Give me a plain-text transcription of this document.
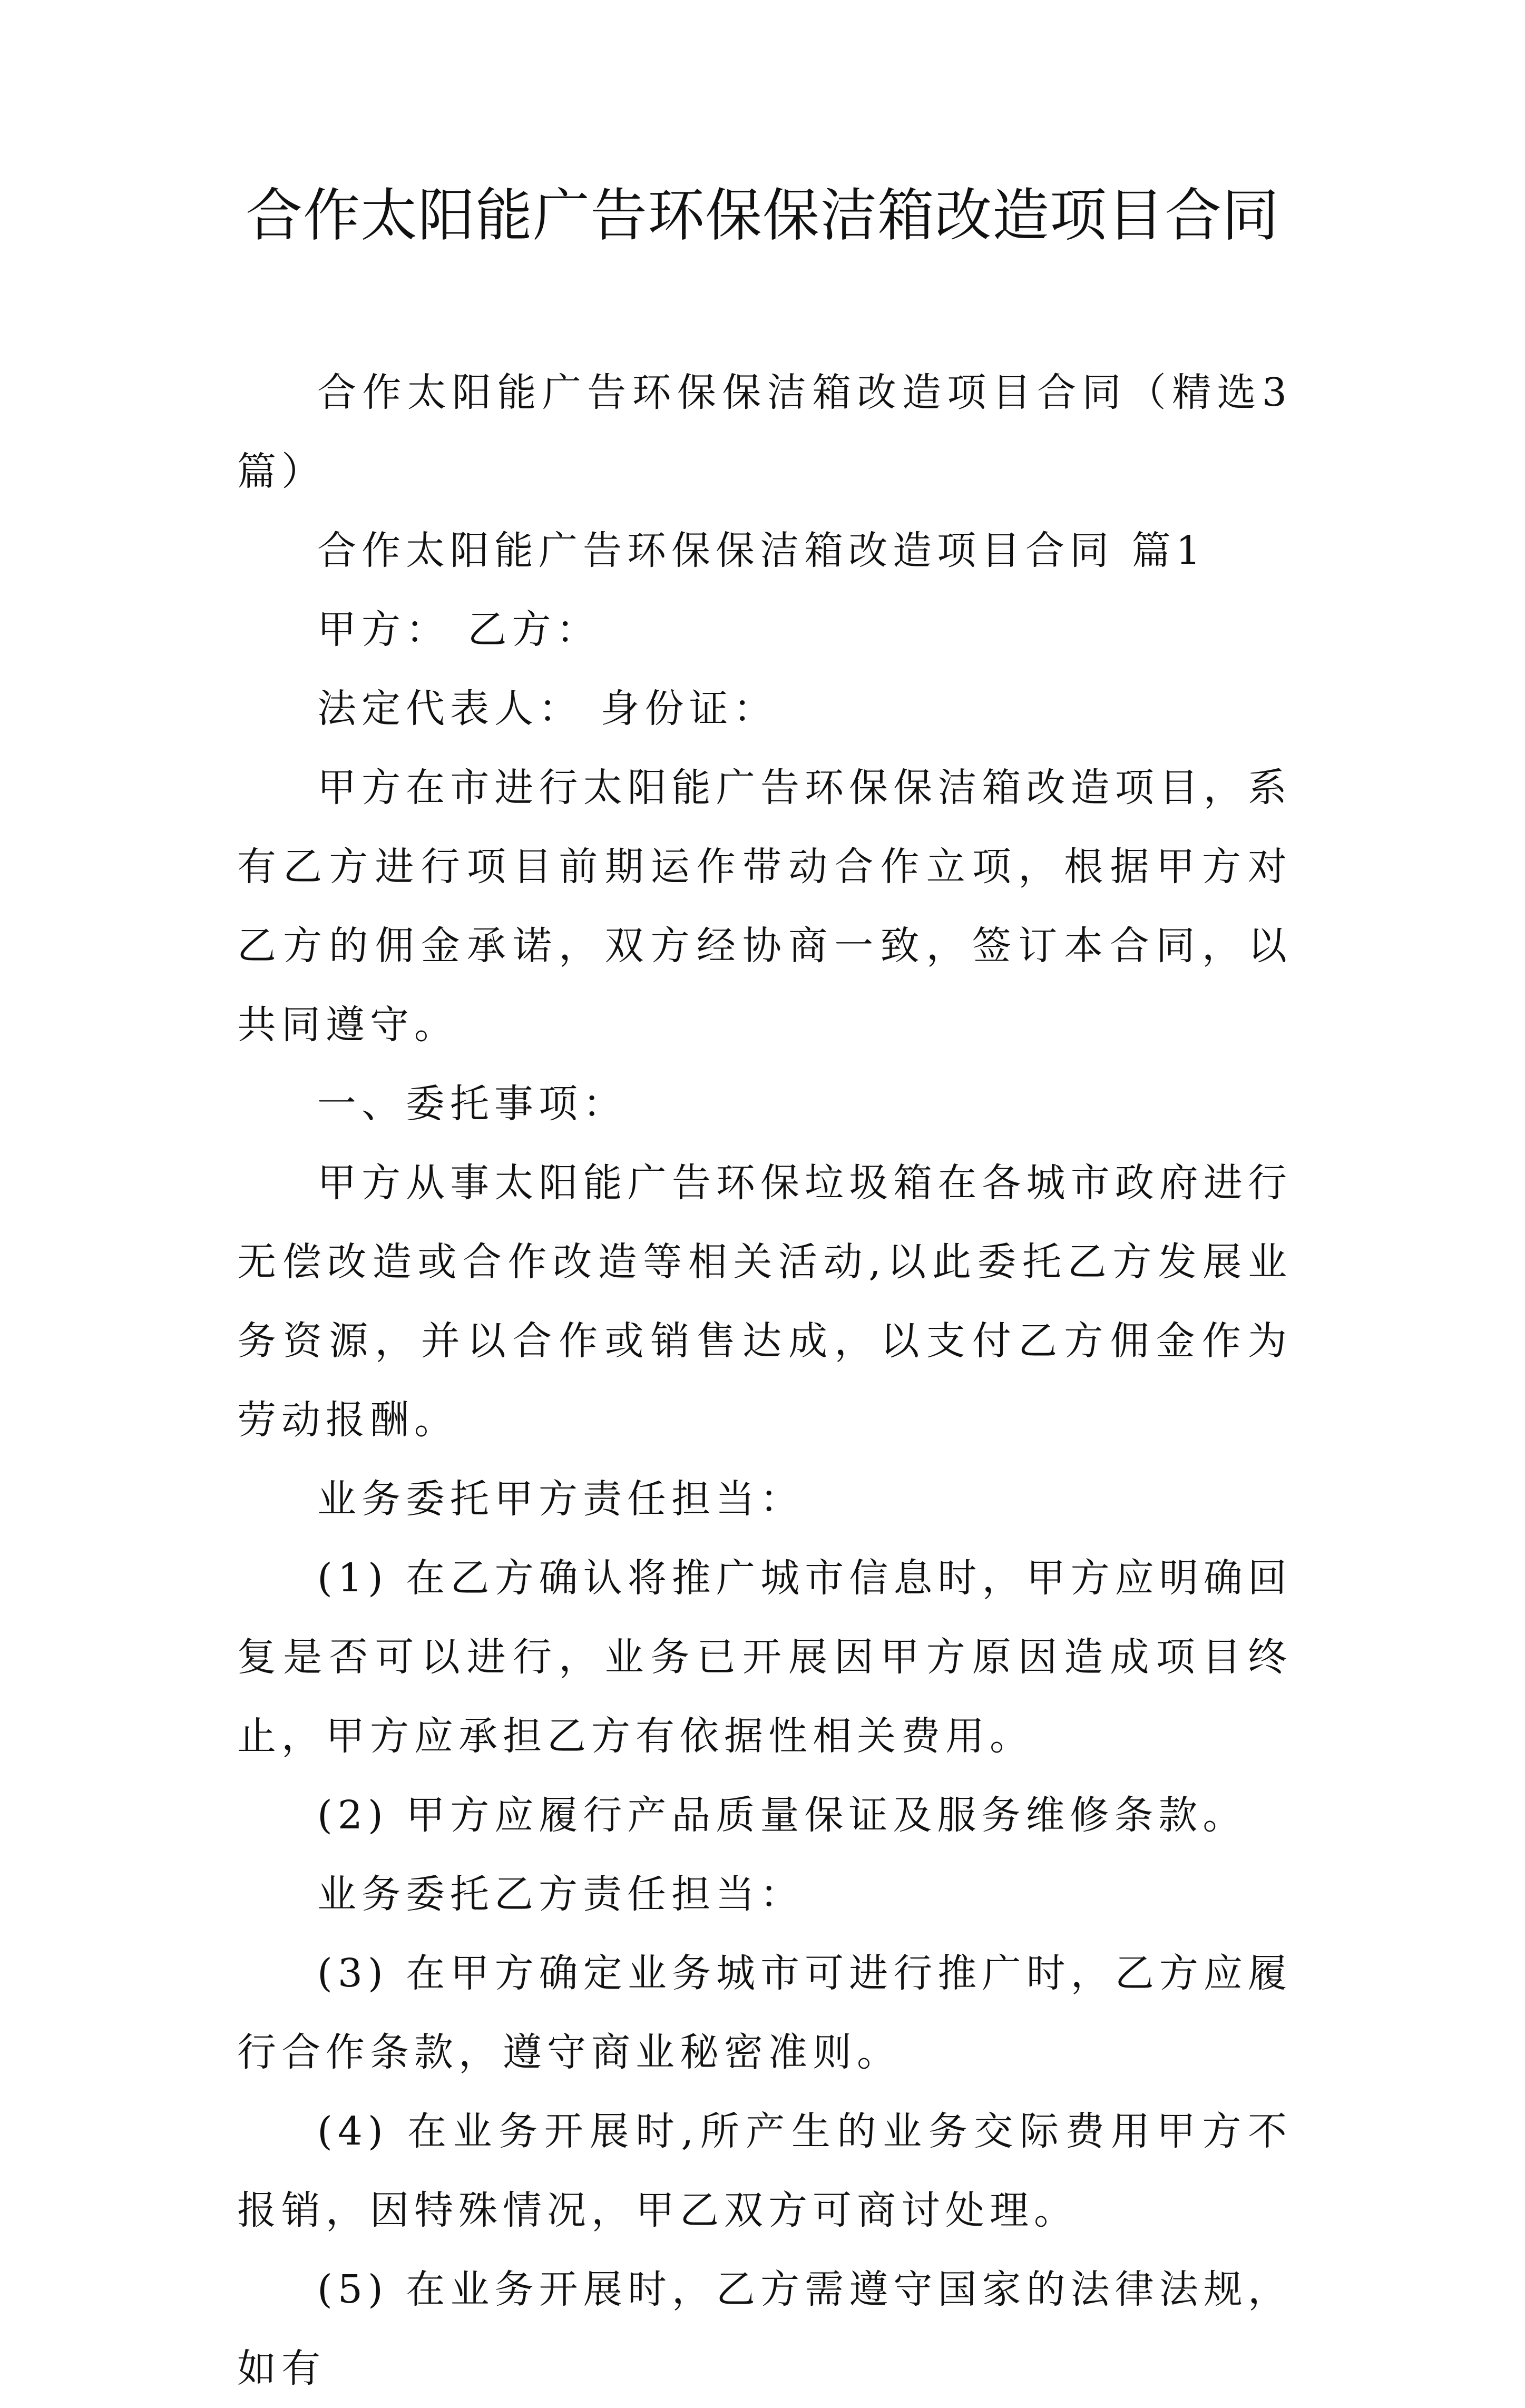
合作太阳能广告环保保洁箱改造项目合同

合作太阳能广告环保保洁箱改造项目合同（精选3篇）

合作太阳能广告环保保洁箱改造项目合同 篇1

甲方： 乙方：

法定代表人： 身份证：

甲方在市进行太阳能广告环保保洁箱改造项目，系有乙方进行项目前期运作带动合作立项，根据甲方对乙方的佣金承诺，双方经协商一致，签订本合同，以共同遵守。

一、委托事项：

甲方从事太阳能广告环保垃圾箱在各城市政府进行无偿改造或合作改造等相关活动,以此委托乙方发展业务资源，并以合作或销售达成，以支付乙方佣金作为劳动报酬。

业务委托甲方责任担当：

(1) 在乙方确认将推广城市信息时，甲方应明确回复是否可以进行，业务已开展因甲方原因造成项目终止，甲方应承担乙方有依据性相关费用。

(2) 甲方应履行产品质量保证及服务维修条款。

业务委托乙方责任担当：

(3) 在甲方确定业务城市可进行推广时，乙方应履行合作条款，遵守商业秘密准则。

(4) 在业务开展时,所产生的业务交际费用甲方不报销，因特殊情况，甲乙双方可商讨处理。

(5) 在业务开展时，乙方需遵守国家的法律法规，如有
